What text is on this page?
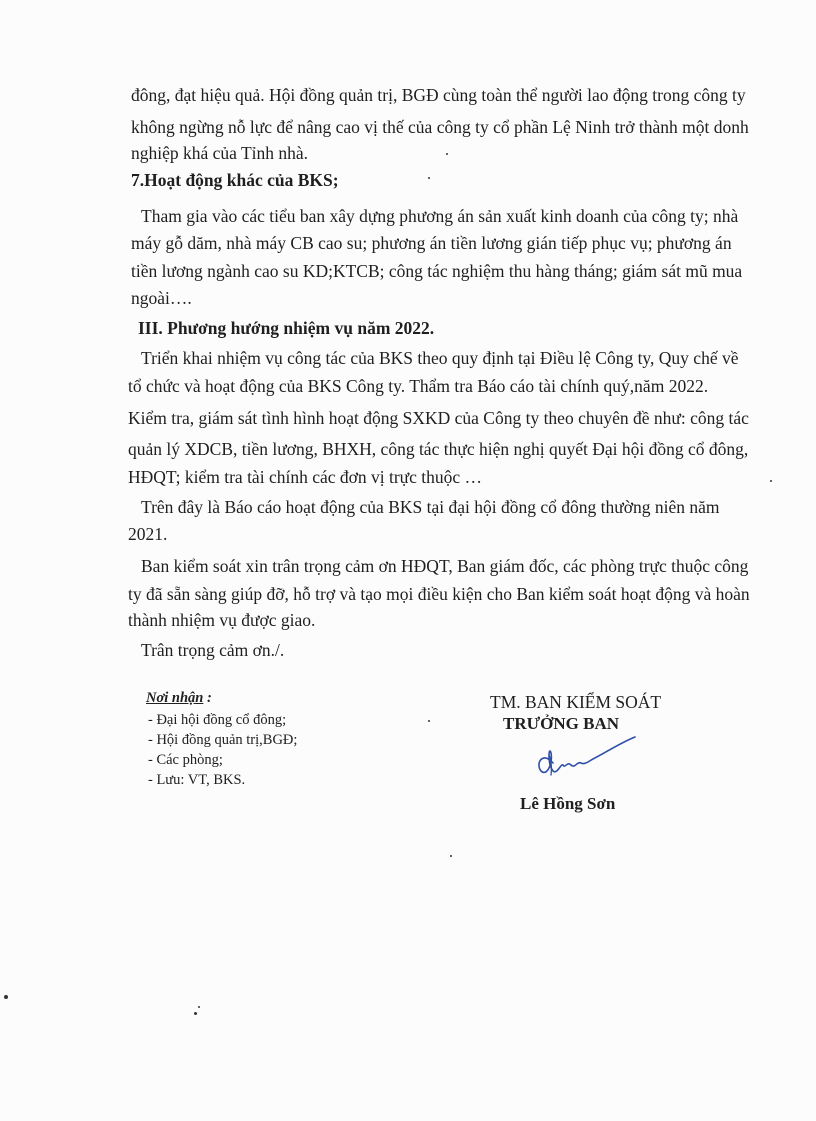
đông, đạt hiệu quả. Hội đồng quản trị, BGĐ cùng toàn thể người lao động trong công ty
không ngừng nỗ lực để nâng cao vị thế của công ty cổ phần Lệ Ninh trở thành một donh
nghiệp khá của Tỉnh nhà.
7.Hoạt động khác của BKS;
Tham gia vào các tiểu ban xây dựng phương án sản xuất kinh doanh của công ty; nhà
máy gỗ dăm, nhà máy CB cao su; phương án tiền lương gián tiếp phục vụ; phương án
tiền lương ngành cao su KD;KTCB; công tác nghiệm thu hàng tháng; giám sát mũ mua
ngoài….
III. Phương hướng nhiệm vụ năm 2022.
Triển khai nhiệm vụ công tác của BKS theo quy định tại Điều lệ Công ty, Quy chế về
tổ chức và hoạt động của BKS Công ty. Thẩm tra Báo cáo tài chính quý,năm 2022.
Kiểm tra, giám sát tình hình hoạt động SXKD của Công ty theo chuyên đề như: công tác
quản lý XDCB, tiền lương, BHXH, công tác thực hiện nghị quyết Đại hội đồng cổ đông,
HĐQT; kiểm tra tài chính các đơn vị trực thuộc …
Trên đây là Báo cáo hoạt động của BKS tại đại hội đồng cổ đông thường niên năm
2021.
Ban kiểm soát xin trân trọng cảm ơn HĐQT, Ban giám đốc, các phòng trực thuộc công
ty đã sẵn sàng giúp đỡ, hỗ trợ và tạo mọi điều kiện cho Ban kiểm soát hoạt động và hoàn
thành nhiệm vụ được giao.
Trân trọng cảm ơn./.
Nơi nhận :
- Đại hội đồng cổ đông;
- Hội đồng quản trị,BGĐ;
- Các phòng;
- Lưu: VT, BKS.
TM. BAN KIỂM SOÁT
TRƯỞNG BAN
Lê Hồng Sơn
